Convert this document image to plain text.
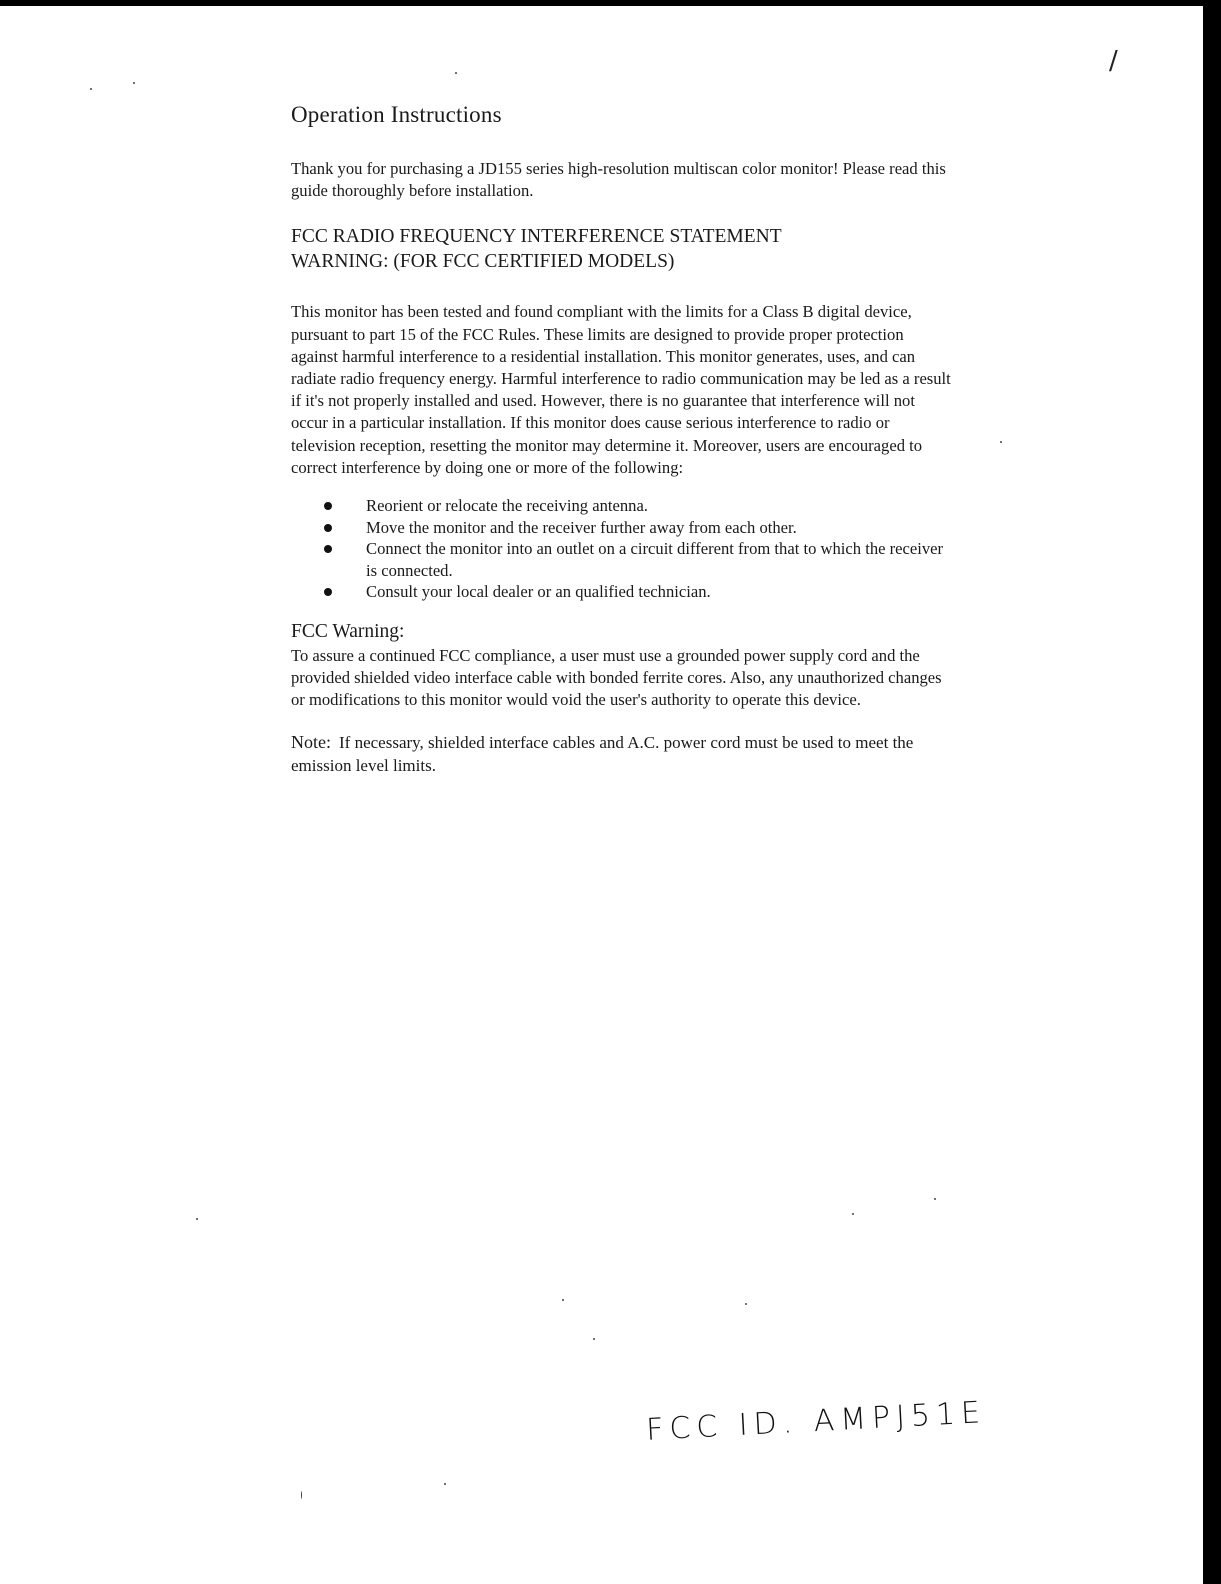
/
Operation Instructions

Thank you for purchasing a JD155 series high-resolution multiscan color monitor! Please read this guide thoroughly before installation.

FCC RADIO FREQUENCY INTERFERENCE STATEMENT
WARNING: (FOR FCC CERTIFIED MODELS)

This monitor has been tested and found compliant with the limits for a Class B digital device, pursuant to part 15 of the FCC Rules. These limits are designed to provide proper protection against harmful interference to a residential installation. This monitor generates, uses, and can radiate radio frequency energy. Harmful interference to radio communication may be led as a result if it's not properly installed and used. However, there is no guarantee that interference will not occur in a particular installation. If this monitor does cause serious interference to radio or television reception, resetting the monitor may determine it. Moreover, users are encouraged to correct interference by doing one or more of the following:

Reorient or relocate the receiving antenna.
Move the monitor and the receiver further away from each other.
Connect the monitor into an outlet on a circuit different from that to which the receiver is connected.
Consult your local dealer or an qualified technician.
FCC Warning:

To assure a continued FCC compliance, a user must use a grounded power supply cord and the provided shielded video interface cable with bonded ferrite cores. Also, any unauthorized changes or modifications to this monitor would void the user's authority to operate this device.

Note: If necessary, shielded interface cables and A.C. power cord must be used to meet the emission level limits.

FCC ID. AMPJ51E
